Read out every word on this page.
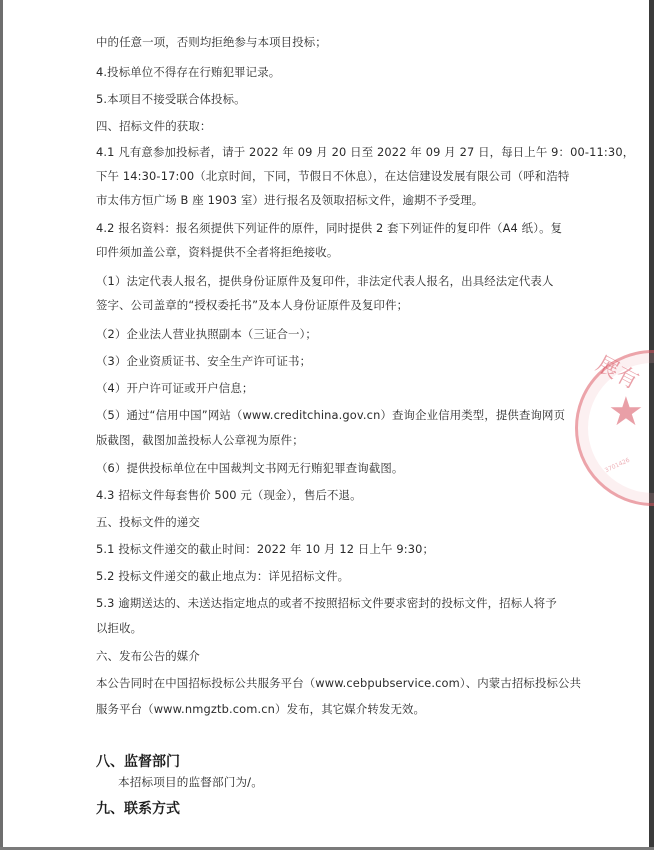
中的任意一项，否则均拒绝参与本项目投标；
4.投标单位不得存在行贿犯罪记录。
5.本项目不接受联合体投标。
四、招标文件的获取：
4.1 凡有意参加投标者，请于 2022 年 09 月 20 日至 2022 年 09 月 27 日，每日上午 9：00-11:30，
下午 14:30-17:00（北京时间，下同，节假日不休息），在达信建设发展有限公司（呼和浩特
市太伟方恒广场 B 座 1903 室）进行报名及领取招标文件，逾期不予受理。
4.2 报名资料：报名须提供下列证件的原件，同时提供 2 套下列证件的复印件（A4 纸）。复
印件须加盖公章，资料提供不全者将拒绝接收。
（1）法定代表人报名，提供身份证原件及复印件，非法定代表人报名，出具经法定代表人
签字、公司盖章的“授权委托书”及本人身份证原件及复印件；
（2）企业法人营业执照副本（三证合一）；
（3）企业资质证书、安全生产许可证书；
（4）开户许可证或开户信息；
（5）通过“信用中国”网站（www.creditchina.gov.cn）查询企业信用类型，提供查询网页
版截图，截图加盖投标人公章视为原件；
（6）提供投标单位在中国裁判文书网无行贿犯罪查询截图。
4.3 招标文件每套售价 500 元（现金），售后不退。
五、投标文件的递交
5.1 投标文件递交的截止时间：2022 年 10 月 12 日上午 9:30；
5.2 投标文件递交的截止地点为：详见招标文件。
5.3 逾期送达的、未送达指定地点的或者不按照招标文件要求密封的投标文件，招标人将予
以拒收。
六、发布公告的媒介
本公告同时在中国招标投标公共服务平台（www.cebpubservice.com）、内蒙古招标投标公共
服务平台（www.nmgztb.com.cn）发布，其它媒介转发无效。
八、监督部门
本招标项目的监督部门为/。
九、联系方式
展有
★
3701426
